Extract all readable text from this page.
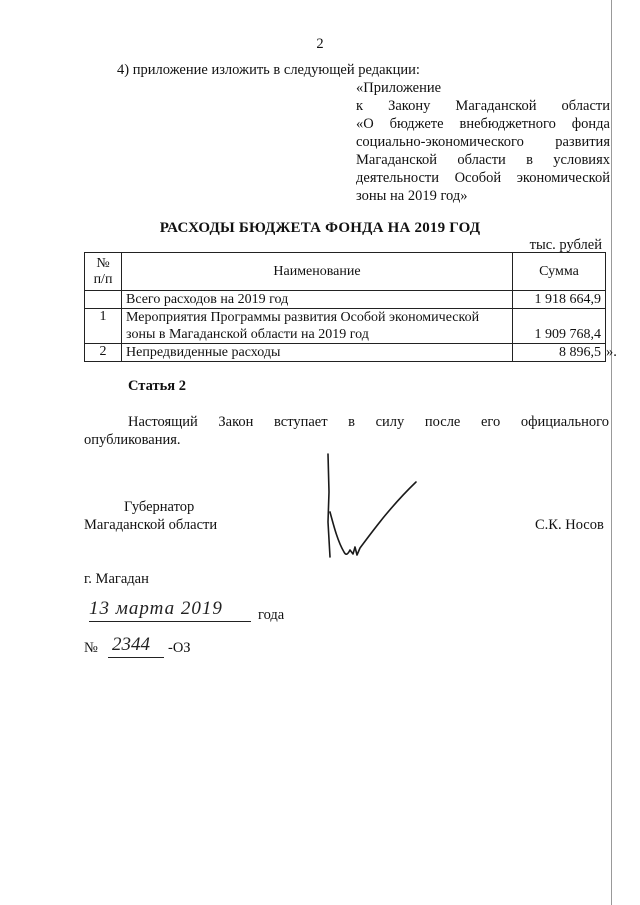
2
4) приложение изложить в следующей редакции:
«Приложение
к Закону Магаданской области
«О бюджете внебюджетного фонда
социально-экономического развития
Магаданской области в условиях
деятельности Особой экономической
зоны на 2019 год»
РАСХОДЫ БЮДЖЕТА ФОНДА НА 2019 ГОД
тыс. рублей
№
п/п	Наименование	Сумма
	Всего расходов на 2019 год	1 918 664,9
1	Мероприятия Программы развития Особой экономической зоны в Магаданской области на 2019 год	1 909 768,4
2	Непредвиденные расходы	8 896,5 ».
Статья 2
Настоящий Закон вступает в силу после его официального
опубликования.
Губернатор
Магаданской области	С.К. Носов
г. Магадан
13 марта 2019 года
№ 2344 -ОЗ
